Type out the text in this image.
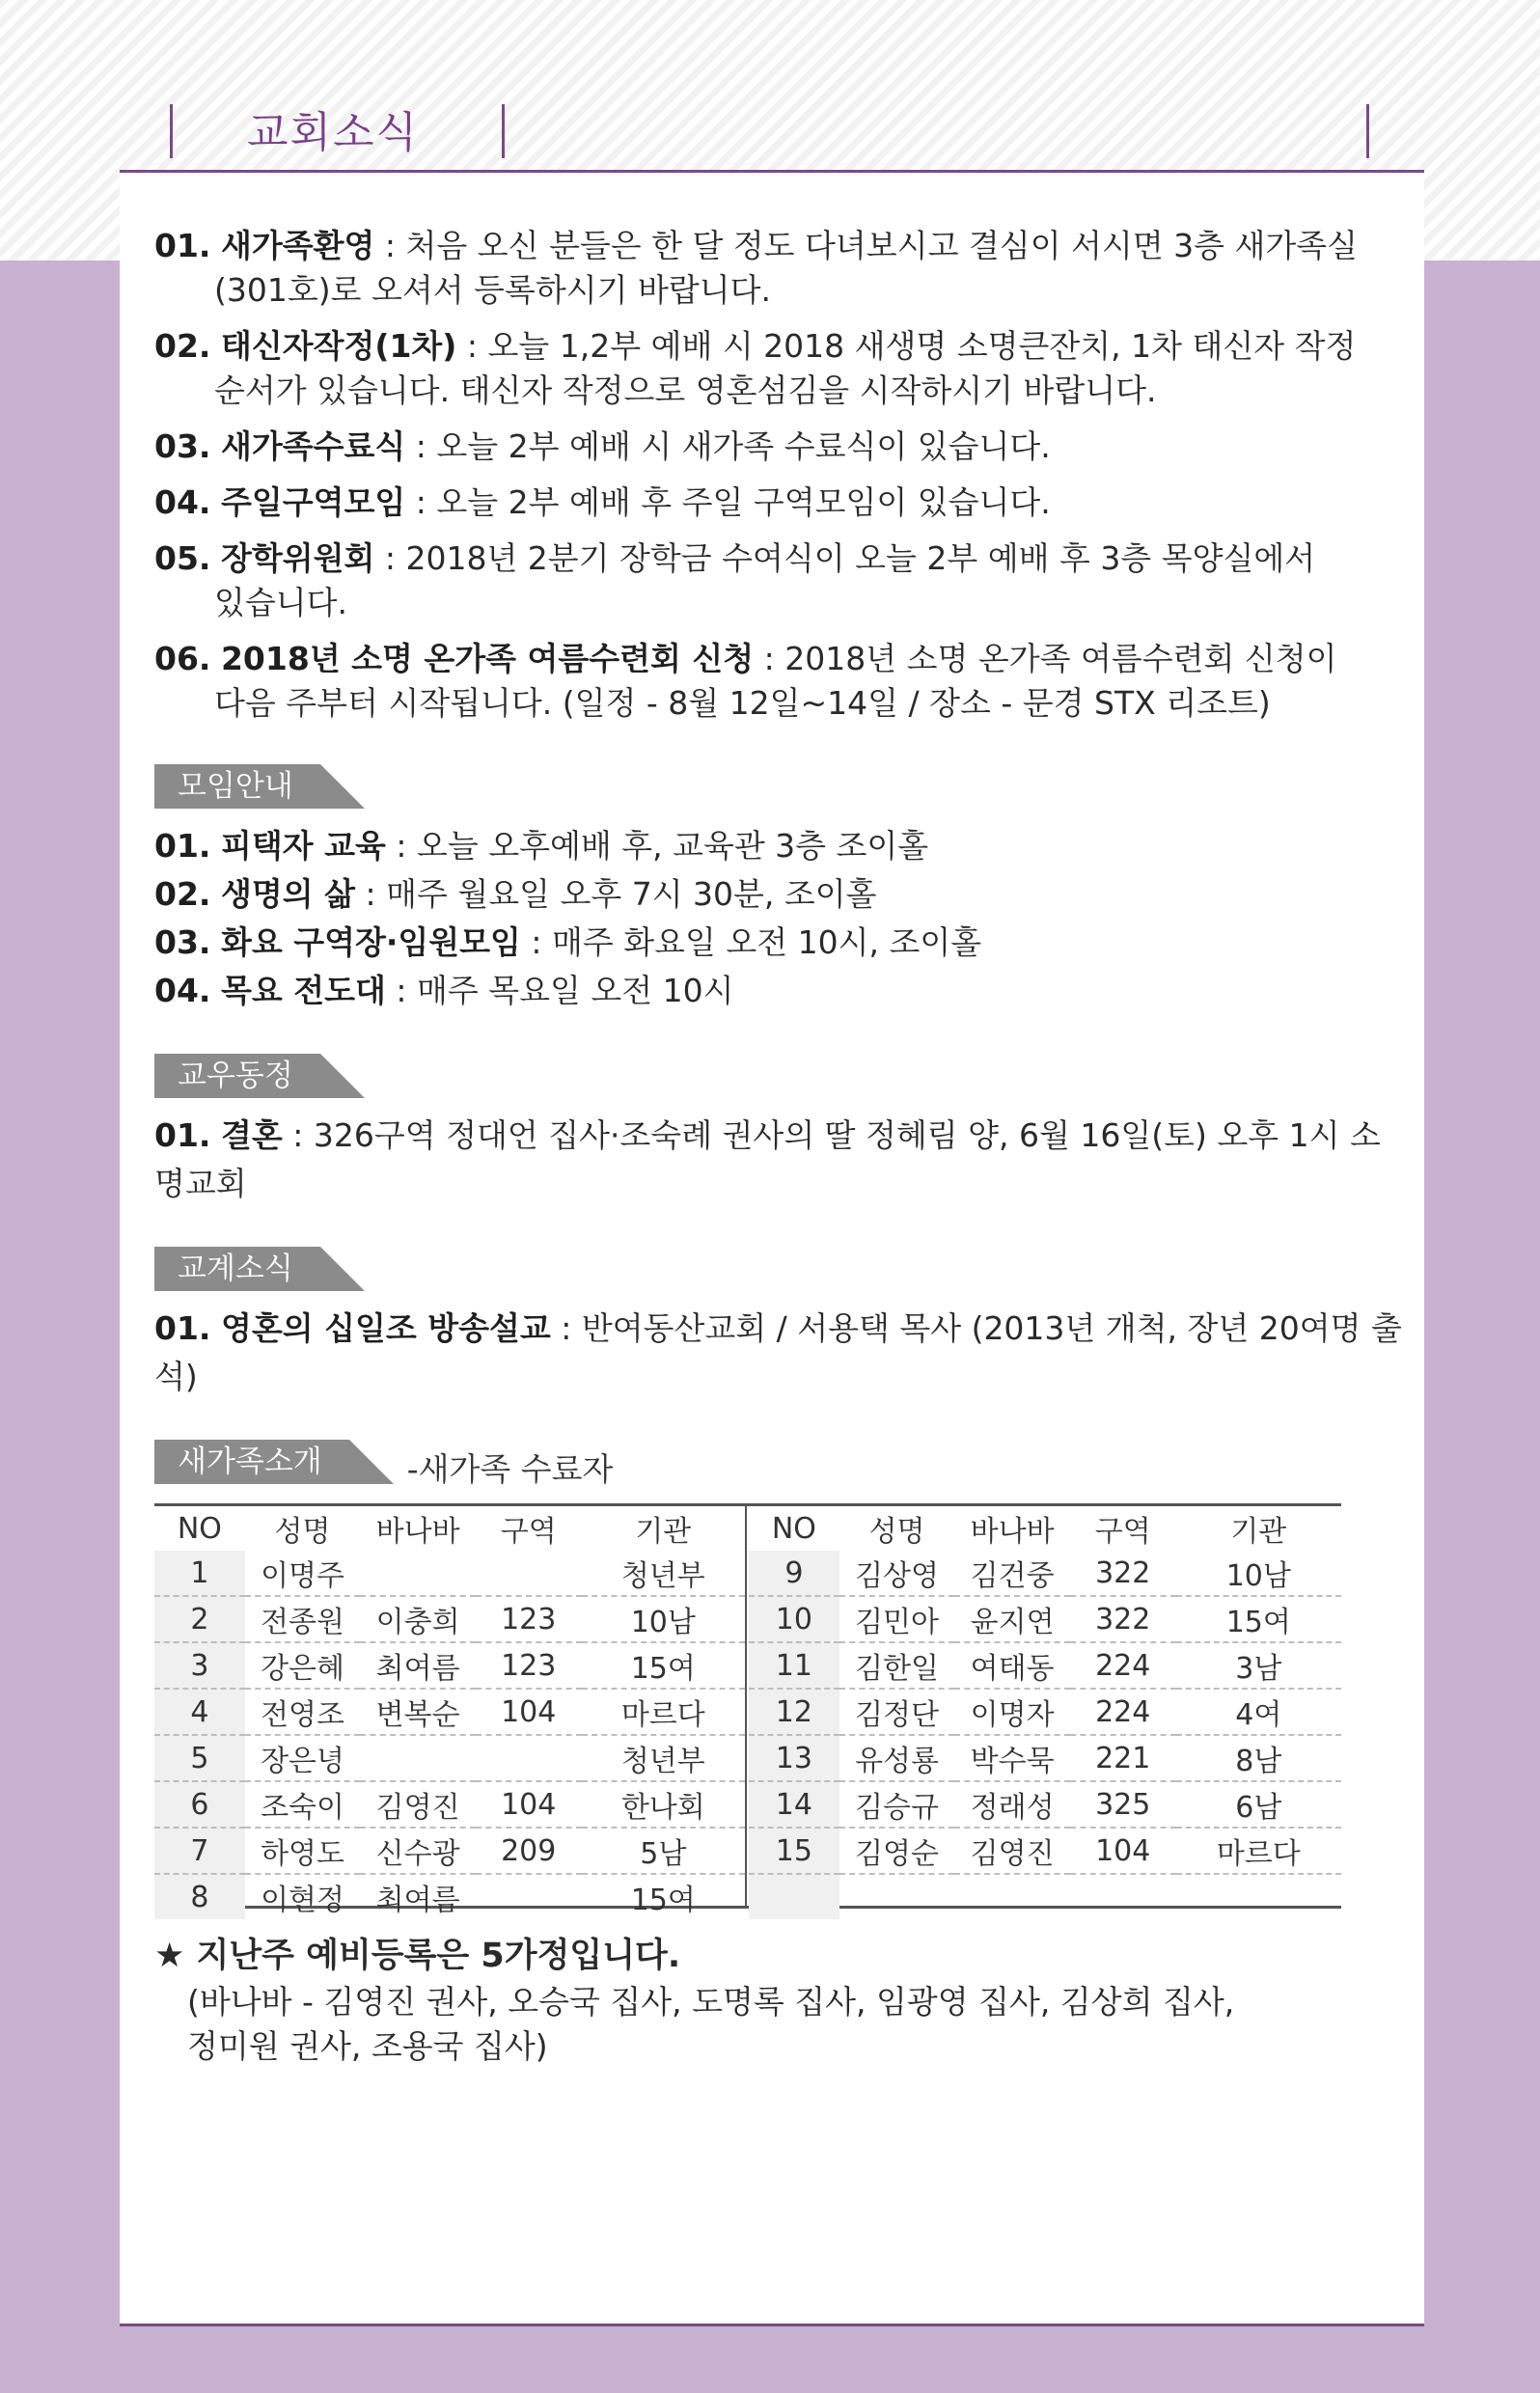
교회소식
01. 새가족환영 : 처음 오신 분들은 한 달 정도 다녀보시고 결심이 서시면 3층 새가족실
(301호)로 오셔서 등록하시기 바랍니다.
02. 태신자작정(1차) : 오늘 1,2부 예배 시 2018 새생명 소명큰잔치, 1차 태신자 작정
순서가 있습니다. 태신자 작정으로 영혼섬김을 시작하시기 바랍니다.
03. 새가족수료식 : 오늘 2부 예배 시 새가족 수료식이 있습니다.
04. 주일구역모임 : 오늘 2부 예배 후 주일 구역모임이 있습니다.
05. 장학위원회 : 2018년 2분기 장학금 수여식이 오늘 2부 예배 후 3층 목양실에서
있습니다.
06. 2018년 소명 온가족 여름수련회 신청 : 2018년 소명 온가족 여름수련회 신청이
다음 주부터 시작됩니다. (일정 - 8월 12일~14일 / 장소 - 문경 STX 리조트)
모임안내
01. 피택자 교육 : 오늘 오후예배 후, 교육관 3층 조이홀
02. 생명의 삶 : 매주 월요일 오후 7시 30분, 조이홀
03. 화요 구역장·임원모임 : 매주 화요일 오전 10시, 조이홀
04. 목요 전도대 : 매주 목요일 오전 10시
교우동정
01. 결혼 : 326구역 정대언 집사·조숙례 권사의 딸 정혜림 양, 6월 16일(토) 오후 1시 소명교회
교계소식
01. 영혼의 십일조 방송설교 : 반여동산교회 / 서용택 목사 (2013년 개척, 장년 20여명 출석)
새가족소개	-새가족 수료자
NO	성명	바나바	구역	기관
1	이명주			청년부
2	전종원	이충희	123	10남
3	강은혜	최여름	123	15여
4	전영조	변복순	104	마르다
5	장은녕			청년부
6	조숙이	김영진	104	한나회
7	하영도	신수광	209	5남
8	이현정	최여름		15여
NO	성명	바나바	구역	기관
9	김상영	김건중	322	10남
10	김민아	윤지연	322	15여
11	김한일	여태동	224	3남
12	김정단	이명자	224	4여
13	유성룡	박수묵	221	8남
14	김승규	정래성	325	6남
15	김영순	김영진	104	마르다

★ 지난주 예비등록은 5가정입니다.
(바나바 - 김영진 권사, 오승국 집사, 도명록 집사, 임광영 집사, 김상희 집사,
정미원 권사, 조용국 집사)
